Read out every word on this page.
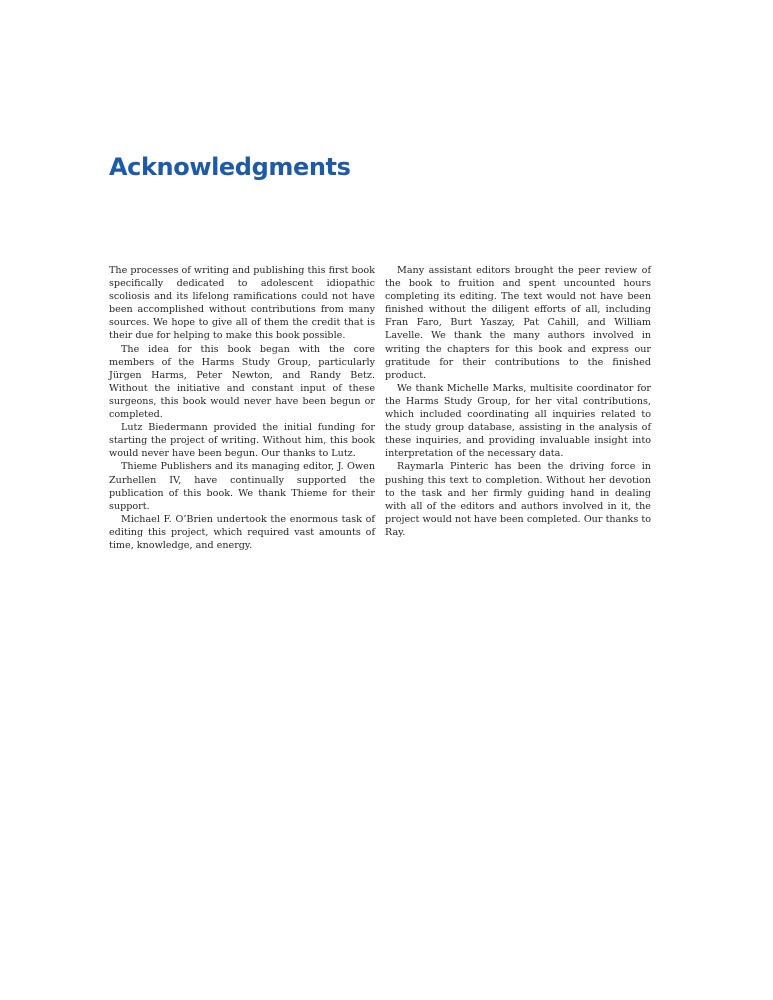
Acknowledgments

The processes of writing and publishing this first book specifically dedicated to adolescent idiopathic scoliosis and its lifelong ramifications could not have been accomplished without contributions from many sources. We hope to give all of them the credit that is their due for helping to make this book possible.

The idea for this book began with the core members of the Harms Study Group, particularly Jürgen Harms, Peter Newton, and Randy Betz. Without the initiative and constant input of these surgeons, this book would never have been begun or completed.

Lutz Biedermann provided the initial funding for starting the project of writing. Without him, this book would never have been begun. Our thanks to Lutz.

Thieme Publishers and its managing editor, J. Owen Zurhellen IV, have continually supported the publication of this book. We thank Thieme for their support.

Michael F. O’Brien undertook the enormous task of editing this project, which required vast amounts of time, knowledge, and energy.

Many assistant editors brought the peer review of the book to fruition and spent uncounted hours completing its editing. The text would not have been finished without the diligent efforts of all, including Fran Faro, Burt Yaszay, Pat Cahill, and William Lavelle. We thank the many authors involved in writing the chapters for this book and express our gratitude for their contributions to the finished product.

We thank Michelle Marks, multisite coordinator for the Harms Study Group, for her vital contributions, which included coordinating all inquiries related to the study group database, assisting in the analysis of these inquiries, and providing invaluable insight into interpretation of the necessary data.

Raymarla Pinteric has been the driving force in pushing this text to completion. Without her devotion to the task and her firmly guiding hand in dealing with all of the editors and authors involved in it, the project would not have been completed. Our thanks to Ray.
